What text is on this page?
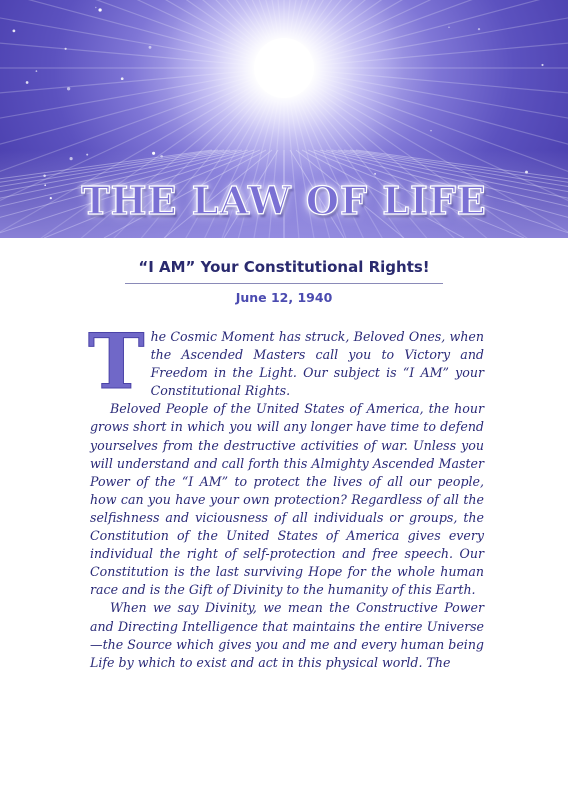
THE LAW OF LIFE
“I AM” Your Constitutional Rights!
June 12, 1940

The Cosmic Moment has struck, Beloved Ones, when the Ascended Masters call you to Victory and Freedom in the Light. Our subject is “I AM” your Constitutional Rights.

Beloved People of the United States of America, the hour grows short in which you will any longer have time to defend yourselves from the destructive activities of war. Unless you will understand and call forth this Almighty Ascended Master Power of the “I AM” to protect the lives of all our people, how can you have your own protection? Regardless of all the selfishness and viciousness of all individuals or groups, the Constitution of the United States of America gives every individual the right of self-protection and free speech. Our Constitution is the last surviving Hope for the whole human race and is the Gift of Divinity to the humanity of this Earth.

When we say Divinity, we mean the Constructive Power and Directing Intelligence that maintains the entire Universe—the Source which gives you and me and every human being Life by which to exist and act in this physical world. The
